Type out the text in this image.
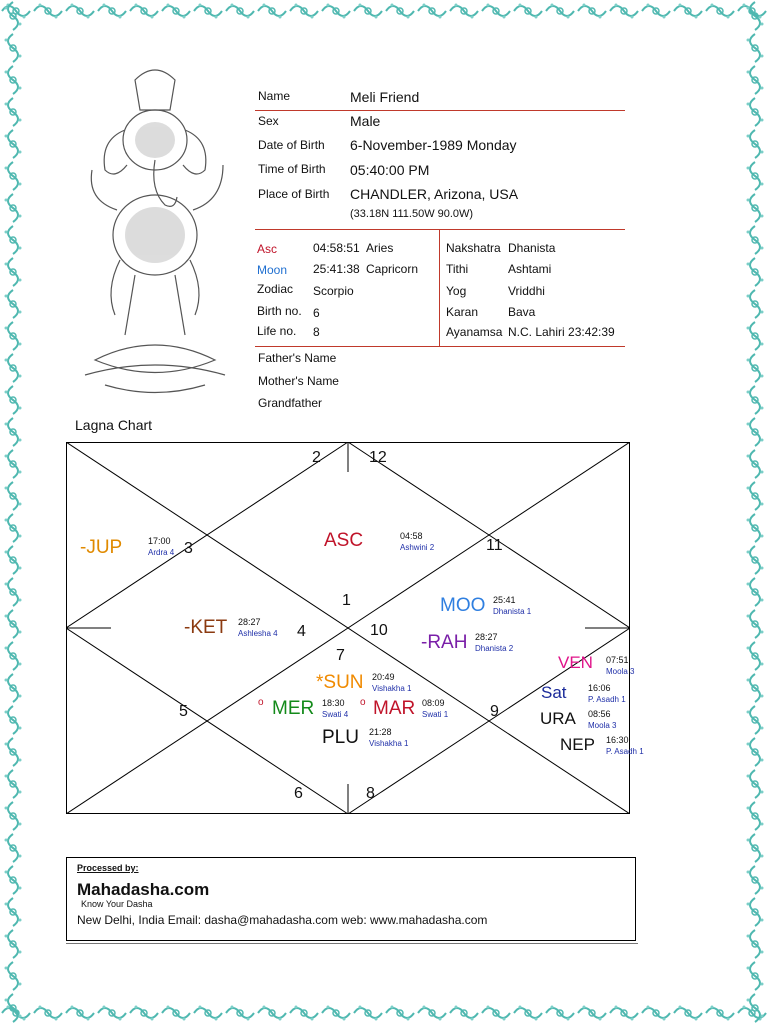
Name	Meli Friend
Sex	Male
Date of Birth 6-November-1989 Monday
Time of Birth 05:40:00 PM
Place of Birth CHANDLER, Arizona, USA
(33.18N 111.50W 90.0W)
Asc	04:58:51 Aries
Moon 25:41:38 Capricorn
Zodiac Scorpio
Birth no. 6
Life no. 8
Nakshatra Dhanista
Tithi	Ashtami
Yog	Vriddhi
Karan Bava
Ayanamsa N.C. Lahiri 23:42:39
Father's Name
Mother's Name
Grandfather
Lagna Chart
2	12
3	11
1
4	10
7
5	9
6	8
-JUP	17:00
Ardra 4
ASC	04:58
Ashwini 2
-KET 28:27
Ashlesha 4
MOO 25:41
Dhanista 1
-RAH 28:27
Dhanista 2
*SUN 20:49
Vishakha 1
o MER 18:30
Swati 4
o MAR 08:09
Swati 1
PLU 21:28
Vishakha 1
VEN 07:51
Moola 3
Sat 16:06
P. Asadh 1
URA 08:56
Moola 3
NEP 16:30
P. Asadh 1
Processed by:
Mahadasha.com
Know Your Dasha
New Delhi, India Email: dasha@mahadasha.com web: www.mahadasha.com
